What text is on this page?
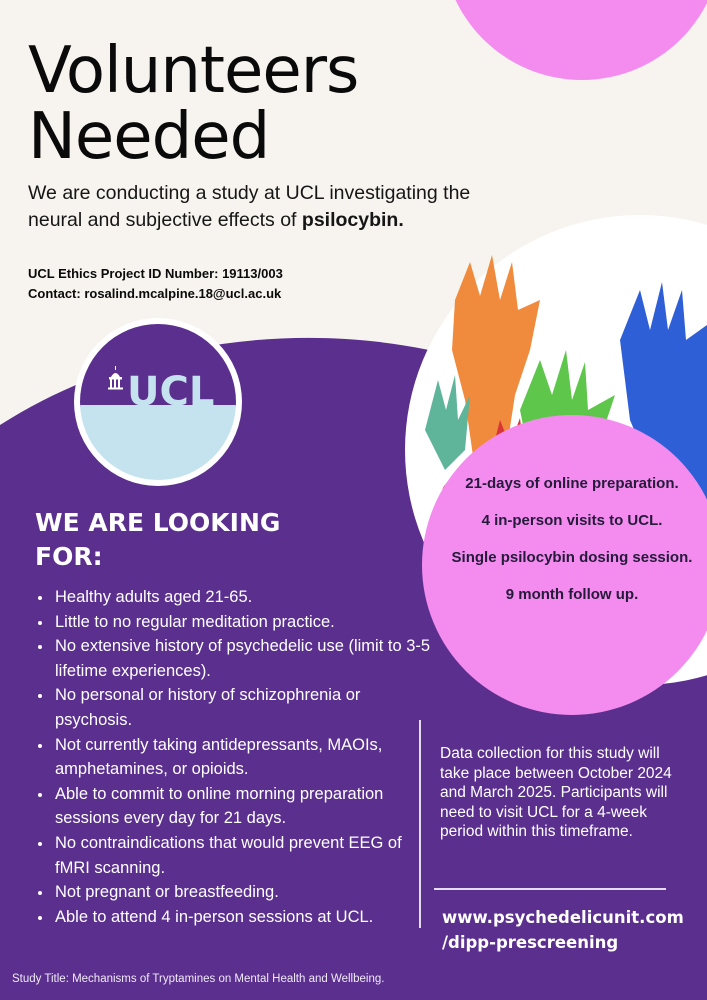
Volunteers
Needed

We are conducting a study at UCL investigating the neural and subjective effects of psilocybin.

UCL Ethics Project ID Number: 19113/003
Contact: rosalind.mcalpine.18@ucl.ac.uk
UCL
WE ARE LOOKING FOR:
• Healthy adults aged 21-65.
• Little to no regular meditation practice.
• No extensive history of psychedelic use (limit to 3-5 lifetime experiences).
• No personal or history of schizophrenia or psychosis.
• Not currently taking antidepressants, MAOIs, amphetamines, or opioids.
• Able to commit to online morning preparation sessions every day for 21 days.
• No contraindications that would prevent EEG of fMRI scanning.
• Not pregnant or breastfeeding.
• Able to attend 4 in-person sessions at UCL.

21-days of online preparation.

4 in-person visits to UCL.

Single psilocybin dosing session.

9 month follow up.

Data collection for this study will take place between October 2024 and March 2025. Participants will need to visit UCL for a 4-week period within this timeframe.

www.psychedelicunit.com
/dipp-prescreening
Study Title: Mechanisms of Tryptamines on Mental Health and Wellbeing.
